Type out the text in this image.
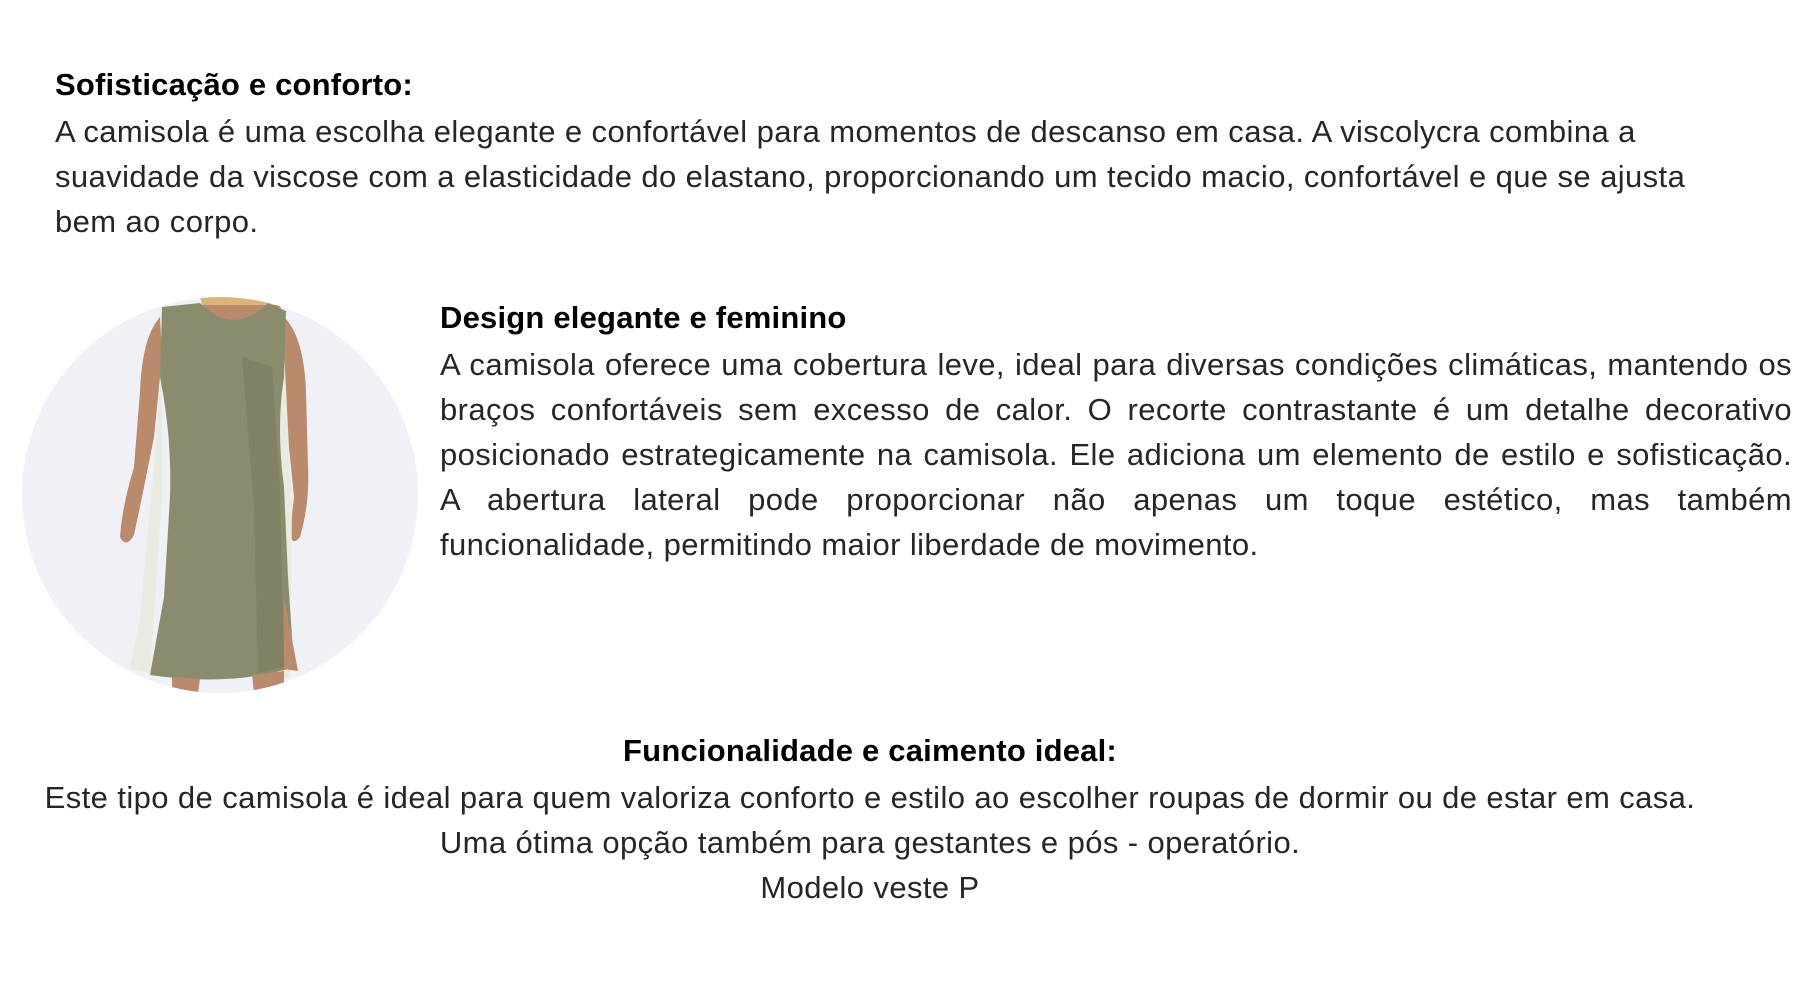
Sofisticação e conforto:

A camisola é uma escolha elegante e confortável para momentos de descanso em casa. A viscolycra combina a suavidade da viscose com a elasticidade do elastano, proporcionando um tecido macio, confortável e que se ajusta bem ao corpo.

Design elegante e feminino

A camisola oferece uma cobertura leve, ideal para diversas condições climáticas, mantendo os braços confortáveis sem excesso de calor. O recorte contrastante é um detalhe decorativo posicionado estrategicamente na camisola. Ele adiciona um elemento de estilo e sofisticação. A abertura lateral pode proporcionar não apenas um toque estético, mas também funcionalidade, permitindo maior liberdade de movimento.

Funcionalidade e caimento ideal:

Este tipo de camisola é ideal para quem valoriza conforto e estilo ao escolher roupas de dormir ou de estar em casa.
Uma ótima opção também para gestantes e pós - operatório.
Modelo veste P
